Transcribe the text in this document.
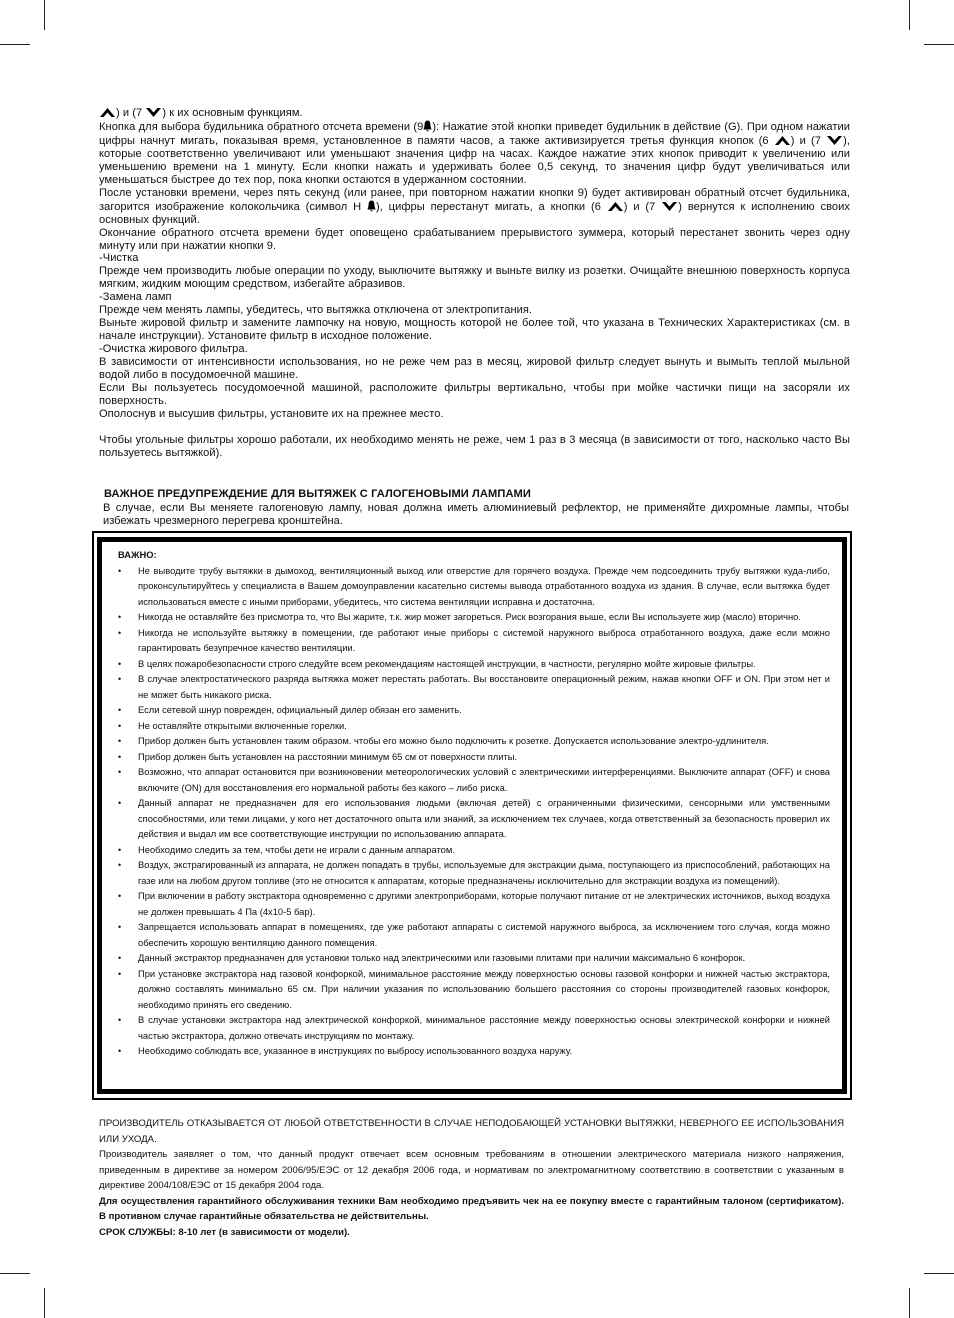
) и (7
) к их основным функциям.

Кнопка для выбора будильника обратного отсчета времени (9 ): Нажатие этой кнопки приведет будильник в действие (G). При одном нажатии цифры начнут мигать, показывая время, установленное в памяти часов, а также активизируется третья функция кнопок (6
) и (7
), которые соответственно увеличивают или уменьшают значения цифр на часах. Каждое нажатие этих кнопок приводит к увеличению или уменьшению времени на 1 минуту. Если кнопки нажать и удерживать более 0,5 секунд, то значения цифр будут увеличиваться или уменьшаться быстрее до тех пор, пока кнопки остаются в удержанном состоянии.

После установки времени, через пять секунд (или ранее, при повторном нажатии кнопки 9) будет активирован обратный отсчет будильника, загорится изображение колокольчика (символ H ), цифры перестанут мигать, а кнопки (6
) и (7
) вернутся к исполнению своих основных функций.

Окончание обратного отсчета времени будет оповещено срабатыванием прерывистого зуммера, который перестанет звонить через одну минуту или при нажатии кнопки 9.

-Чистка

Прежде чем производить любые операции по уходу, выключите вытяжку и выньте вилку из розетки. Очищайте внешнюю поверхность корпуса мягким, жидким моющим средством, избегайте абразивов.

-Замена ламп

Прежде чем менять лампы, убедитесь, что вытяжка отключена от электропитания.

Выньте жировой фильтр и замените лампочку на новую, мощность которой не более той, что указана в Технических Характеристиках (см. в начале инструкции). Установите фильтр в исходное положение.

-Очистка жирового фильтра.

В зависимости от интенсивности использования, но не реже чем раз в месяц, жировой фильтр следует вынуть и вымыть теплой мыльной водой либо в посудомоечной машине.

Если Вы пользуетесь посудомоечной машиной, расположите фильтры вертикально, чтобы при мойке частички пищи на засоряли их поверхность.

Ополоснув и высушив фильтры, установите их на прежнее место.

Чтобы угольные фильтры хорошо работали, их необходимо менять не реже, чем 1 раз в 3 месяца (в зависимости от того, насколько часто Вы пользуетесь вытяжкой).

ВАЖНОЕ ПРЕДУПРЕЖДЕНИЕ ДЛЯ ВЫТЯЖЕК С ГАЛОГЕНОВЫМИ ЛАМПАМИ
В случае, если Вы меняете галогеновую лампу, новая должна иметь алюминиевый рефлектор, не применяйте дихромные лампы, чтобы избежать чрезмерного перегрева кронштейна.
ВАЖНО:
• Не выводите трубу вытяжки в дымоход, вентиляционный выход или отверстие для горячего воздуха. Прежде чем подсоединить трубу вытяжки куда-либо, проконсультируйтесь у специалиста в Вашем домоуправлении касательно системы вывода отработанного воздуха из здания. В случае, если вытяжка будет использоваться вместе с иными приборами, убедитесь, что система вентиляции исправна и достаточна.
• Никогда не оставляйте без присмотра то, что Вы жарите, т.к. жир может загореться. Риск возгорания выше, если Вы используете жир (масло) вторично.
• Никогда не используйте вытяжку в помещении, где работают иные приборы с системой наружного выброса отработанного воздуха, даже если можно гарантировать безупречное качество вентиляции.
• В целях пожаробезопасности строго следуйте всем рекомендациям настоящей инструкции, в частности, регулярно мойте жировые фильтры.
• В случае электростатического разряда вытяжка может перестать работать. Вы восстановите операционный режим, нажав кнопки OFF и ON. При этом нет и не может быть никакого риска.
• Если сетевой шнур поврежден, официальный дилер обязан его заменить.
• Не оставляйте открытыми включенные горелки.
• Прибор должен быть установлен таким образом. чтобы его можно было подключить к розетке. Допускается использование электро-удлинителя.
• Прибор должен быть установлен на расстоянии минимум 65 см от поверхности плиты.
• Возможно, что аппарат остановится при возникновении метеорологических условий с электрическими интерференциями. Выключите аппарат (OFF) и снова включите (ON) для восстановления его нормальной работы без какого – либо риска.
• Данный аппарат не предназначен для его использования людьми (включая детей) с ограниченными физическими, сенсорными или умственными способностями, или теми лицами, у кого нет достаточного опыта или знаний, за исключением тех случаев, когда ответственный за безопасность проверил их действия и выдал им все соответствующие инструкции по использованию аппарата.
• Необходимо следить за тем, чтобы дети не играли с данным аппаратом.
• Воздух, экстрагированный из аппарата, не должен попадать в трубы, используемые для экстракции дыма, поступающего из приспособлений, работающих на газе или на любом другом топливе (это не относится к аппаратам, которые предназначены исключительно для экстракции воздуха из помещений).
• При включении в работу экстрактора одновременно с другими электроприборами, которые получают питание от не электрических источников, выход воздуха не должен превышать 4 Па (4x10-5 бар).
• Запрещается использовать аппарат в помещениях, где уже работают аппараты с системой наружного выброса, за исключением того случая, когда можно обеспечить хорошую вентиляцию данного помещения.
• Данный экстрактор предназначен для установки только над электрическими или газовыми плитами при наличии максимально 6 конфорок.
• При установке экстрактора над газовой конфоркой, минимальное расстояние между поверхностью основы газовой конфорки и нижней частью экстрактора, должно составлять минимально 65 см. При наличии указания по использованию большего расстояния со стороны производителей газовых конфорок, необходимо принять его сведению.
• В случае установки экстрактора над электрической конфоркой, минимальное расстояние между поверхностью основы электрической конфорки и нижней частью экстрактора, должно отвечать инструкциям по монтажу.
• Необходимо соблюдать все, указанное в инструкциях по выбросу использованного воздуха наружу.

ПРОИЗВОДИТЕЛЬ ОТКАЗЫВАЕТСЯ ОТ ЛЮБОЙ ОТВЕТСТВЕННОСТИ В СЛУЧАЕ НЕПОДОБАЮЩЕЙ УСТАНОВКИ ВЫТЯЖКИ, НЕВЕРНОГО ЕЕ ИСПОЛЬЗОВАНИЯ ИЛИ УХОДА.

Производитель заявляет о том, что данный продукт отвечает всем основным требованиям в отношении электрического материала низкого напряжения, приведенным в директиве за номером 2006/95/ЕЭС от 12 декабря 2006 года, и нормативам по электромагнитному соответствию в соответствии с указанным в директиве 2004/108/ЕЭС от 15 декабря 2004 года.

Для осуществления гарантийного обслуживания техники Вам необходимо предъявить чек на ее покупку вместе с гарантийным талоном (сертификатом). В противном случае гарантийные обязательства не действительны.

СРОК СЛУЖБЫ: 8-10 лет (в зависимости от модели).
